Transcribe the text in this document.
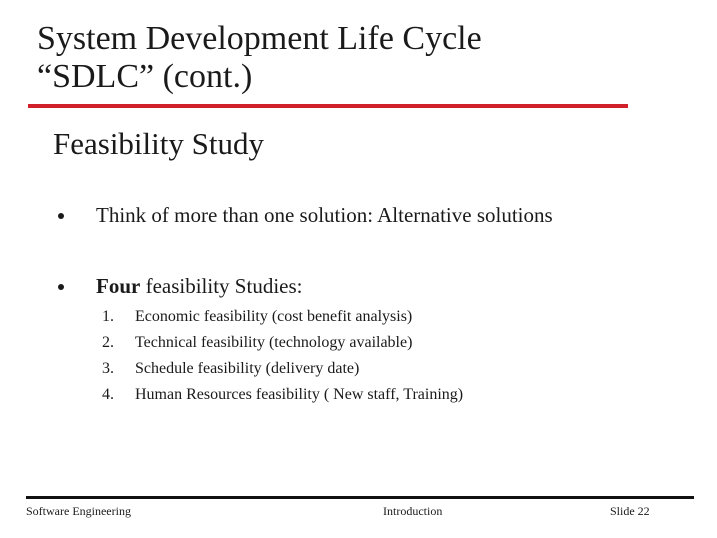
System Development Life Cycle
“SDLC” (cont.)
Feasibility Study
Think of more than one solution: Alternative solutions
Four feasibility Studies:
1.	Economic feasibility (cost benefit analysis)
2.	Technical feasibility (technology available)
3.	Schedule feasibility (delivery date)
4.	Human Resources feasibility ( New staff, Training)
Software Engineering	Introduction	Slide 22
